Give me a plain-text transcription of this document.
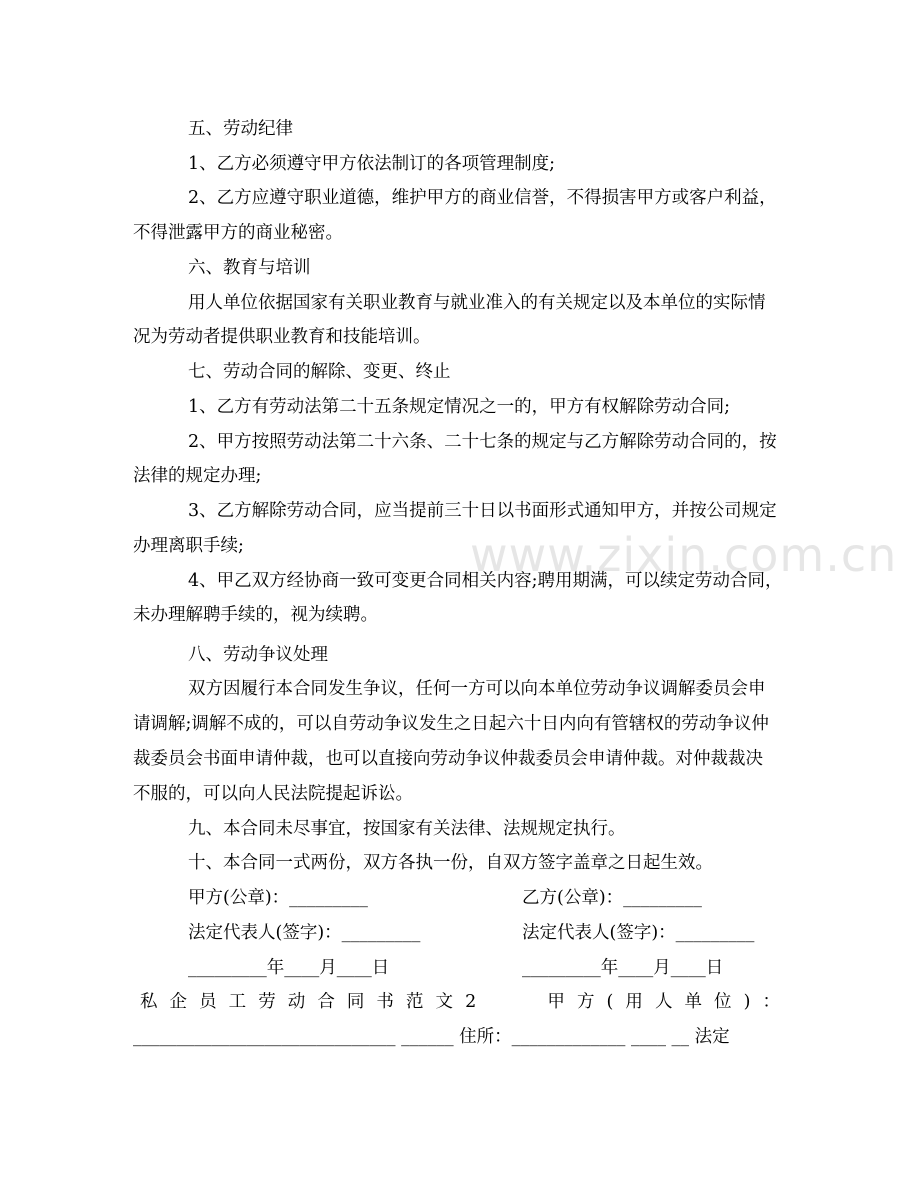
www.zixin.com.cn
五、劳动纪律
1、乙方必须遵守甲方依法制订的各项管理制度;
2、乙方应遵守职业道德，维护甲方的商业信誉，不得损害甲方或客户利益，
不得泄露甲方的商业秘密。
六、教育与培训
用人单位依据国家有关职业教育与就业准入的有关规定以及本单位的实际情
况为劳动者提供职业教育和技能培训。
七、劳动合同的解除、变更、终止
1、乙方有劳动法第二十五条规定情况之一的，甲方有权解除劳动合同;
2、甲方按照劳动法第二十六条、二十七条的规定与乙方解除劳动合同的，按
法律的规定办理;
3、乙方解除劳动合同，应当提前三十日以书面形式通知甲方，并按公司规定
办理离职手续;
4、甲乙双方经协商一致可变更合同相关内容;聘用期满，可以续定劳动合同，
未办理解聘手续的，视为续聘。
八、劳动争议处理
双方因履行本合同发生争议，任何一方可以向本单位劳动争议调解委员会申
请调解;调解不成的，可以自劳动争议发生之日起六十日内向有管辖权的劳动争议仲
裁委员会书面申请仲裁，也可以直接向劳动争议仲裁委员会申请仲裁。对仲裁裁决
不服的，可以向人民法院提起诉讼。
九、本合同未尽事宜，按国家有关法律、法规规定执行。
十、本合同一式两份，双方各执一份，自双方签字盖章之日起生效。
甲方(公章)：_________	乙方(公章)：_________
法定代表人(签字)：_________	法定代表人(签字)：_________
_________年____月____日	_________年____月____日
私企员工劳动合同书范文2　　甲方(用人单位)：
______________________________ ______ 住所：_____________ ____ __ 法定
